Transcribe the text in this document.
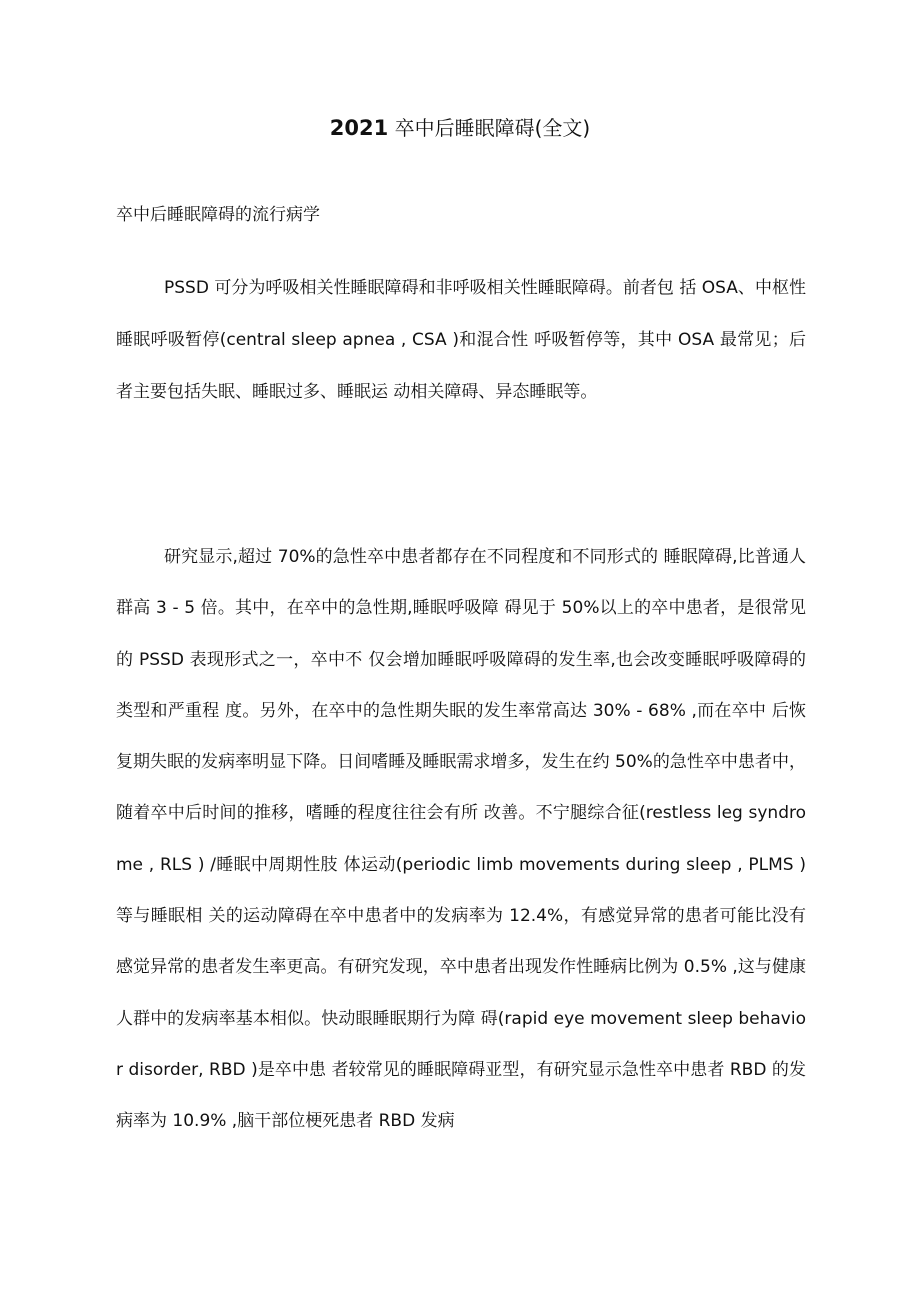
2021 卒中后睡眠障碍(全文)
卒中后睡眠障碍的流行病学

PSSD 可分为呼吸相关性睡眠障碍和非呼吸相关性睡眠障碍。前者包 括 OSA、中枢性睡眠呼吸暂停(central sleep apnea , CSA )和混合性 呼吸暂停等，其中 OSA 最常见；后者主要包括失眠、睡眠过多、睡眠运 动相关障碍、异态睡眠等。

研究显示,超过 70%的急性卒中患者都存在不同程度和不同形式的 睡眠障碍,比普通人群高 3 - 5 倍。其中，在卒中的急性期,睡眠呼吸障 碍见于 50%以上的卒中患者，是很常见的 PSSD 表现形式之一，卒中不 仅会增加睡眠呼吸障碍的发生率,也会改变睡眠呼吸障碍的类型和严重程 度。另外，在卒中的急性期失眠的发生率常高达 30% - 68% ,而在卒中 后恢复期失眠的发病率明显下降。日间嗜睡及睡眠需求增多，发生在约 50%的急性卒中患者中，随着卒中后时间的推移，嗜睡的程度往往会有所 改善。不宁腿综合征(restless leg syndrome , RLS ) /睡眠中周期性肢 体运动(periodic limb movements during sleep , PLMS )等与睡眠相 关的运动障碍在卒中患者中的发病率为 12.4%，有感觉异常的患者可能比没有感觉异常的患者发生率更高。有研究发现，卒中患者出现发作性睡病比例为 0.5% ,这与健康人群中的发病率基本相似。快动眼睡眠期行为障 碍(rapid eye movement sleep behavior disorder, RBD )是卒中患 者较常见的睡眠障碍亚型，有研究显示急性卒中患者 RBD 的发病率为 10.9% ,脑干部位梗死患者 RBD 发病
